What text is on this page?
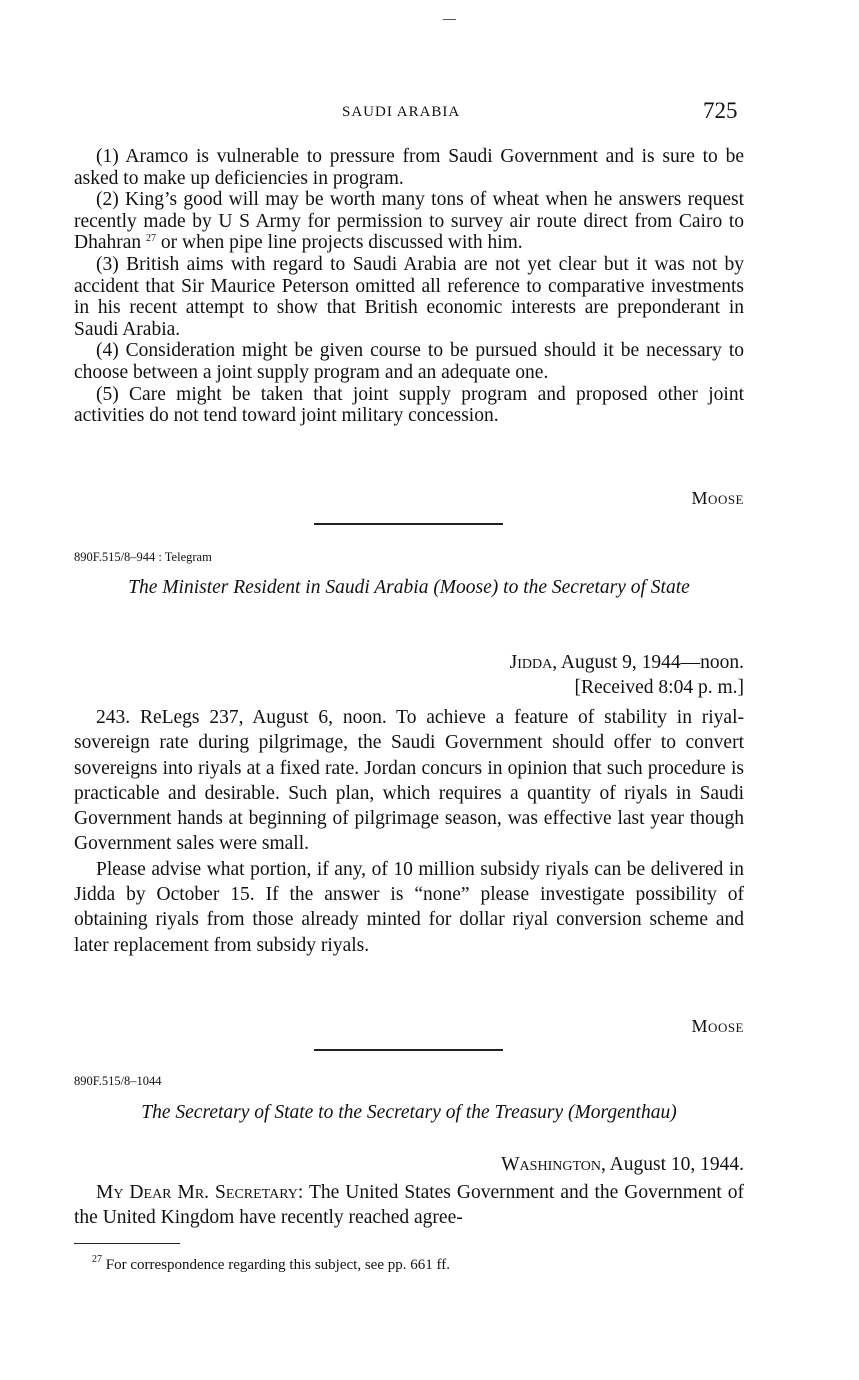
SAUDI ARABIA	725

(1) Aramco is vulnerable to pressure from Saudi Government and is sure to be asked to make up deficiencies in program.

(2) King’s good will may be worth many tons of wheat when he answers request recently made by U S Army for permission to survey air route direct from Cairo to Dhahran $^{27}$ or when pipe line projects discussed with him.

(3) British aims with regard to Saudi Arabia are not yet clear but it was not by accident that Sir Maurice Peterson omitted all reference to comparative investments in his recent attempt to show that British economic interests are preponderant in Saudi Arabia.

(4) Consideration might be given course to be pursued should it be necessary to choose between a joint supply program and an adequate one.

(5) Care might be taken that joint supply program and proposed other joint activities do not tend toward joint military concession.

Moose
890F.515/8–944 : Telegram
The Minister Resident in Saudi Arabia (Moose) to the Secretary of State
Jidda, August 9, 1944—noon.
[Received 8:04 p. m.]

243. ReLegs 237, August 6, noon. To achieve a feature of stability in riyal-sovereign rate during pilgrimage, the Saudi Government should offer to convert sovereigns into riyals at a fixed rate. Jordan concurs in opinion that such procedure is practicable and desirable. Such plan, which requires a quantity of riyals in Saudi Government hands at beginning of pilgrimage season, was effective last year though Government sales were small.

Please advise what portion, if any, of 10 million subsidy riyals can be delivered in Jidda by October 15. If the answer is “none” please investigate possibility of obtaining riyals from those already minted for dollar riyal conversion scheme and later replacement from subsidy riyals.

Moose
890F.515/8–1044
The Secretary of State to the Secretary of the Treasury (Morgenthau)
Washington, August 10, 1944.

My Dear Mr. Secretary: The United States Government and the Government of the United Kingdom have recently reached agree-

$^{27}$ For correspondence regarding this subject, see pp. 661 ff.
